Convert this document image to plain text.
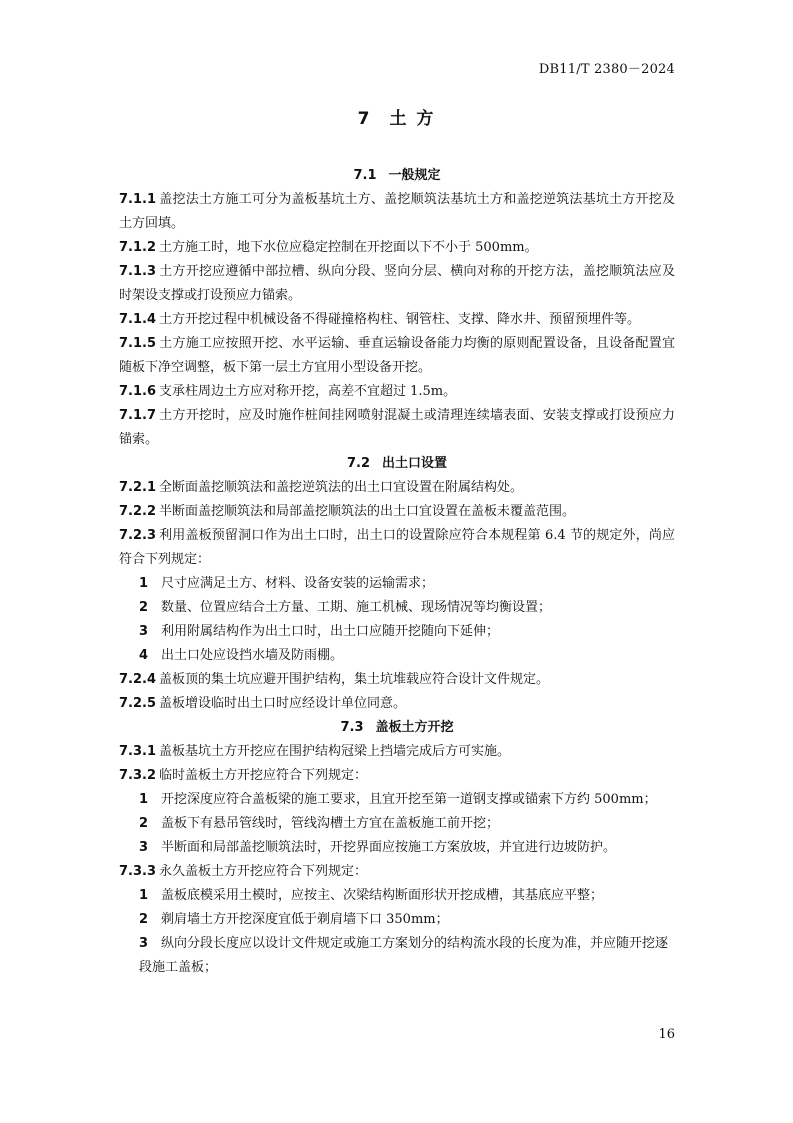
DB11/T 2380－2024
7 土 方
7.1 一般规定
7.1.1 盖挖法土方施工可分为盖板基坑土方、盖挖顺筑法基坑土方和盖挖逆筑法基坑土方开挖及土方回填。
7.1.2 土方施工时，地下水位应稳定控制在开挖面以下不小于 500mm。
7.1.3 土方开挖应遵循中部拉槽、纵向分段、竖向分层、横向对称的开挖方法，盖挖顺筑法应及时架设支撑或打设预应力锚索。
7.1.4 土方开挖过程中机械设备不得碰撞格构柱、钢管柱、支撑、降水井、预留预埋件等。
7.1.5 土方施工应按照开挖、水平运输、垂直运输设备能力均衡的原则配置设备，且设备配置宜随板下净空调整，板下第一层土方宜用小型设备开挖。
7.1.6 支承柱周边土方应对称开挖，高差不宜超过 1.5m。
7.1.7 土方开挖时，应及时施作桩间挂网喷射混凝土或清理连续墙表面、安装支撑或打设预应力锚索。
7.2 出土口设置
7.2.1 全断面盖挖顺筑法和盖挖逆筑法的出土口宜设置在附属结构处。
7.2.2 半断面盖挖顺筑法和局部盖挖顺筑法的出土口宜设置在盖板未覆盖范围。
7.2.3 利用盖板预留洞口作为出土口时，出土口的设置除应符合本规程第 6.4 节的规定外，尚应符合下列规定：
1 尺寸应满足土方、材料、设备安装的运输需求；
2 数量、位置应结合土方量、工期、施工机械、现场情况等均衡设置；
3 利用附属结构作为出土口时，出土口应随开挖随向下延伸；
4 出土口处应设挡水墙及防雨棚。
7.2.4 盖板顶的集土坑应避开围护结构，集土坑堆载应符合设计文件规定。
7.2.5 盖板增设临时出土口时应经设计单位同意。
7.3 盖板土方开挖
7.3.1 盖板基坑土方开挖应在围护结构冠梁上挡墙完成后方可实施。
7.3.2 临时盖板土方开挖应符合下列规定：
1 开挖深度应符合盖板梁的施工要求，且宜开挖至第一道钢支撑或锚索下方约 500mm；
2 盖板下有悬吊管线时，管线沟槽土方宜在盖板施工前开挖；
3 半断面和局部盖挖顺筑法时，开挖界面应按施工方案放坡，并宜进行边坡防护。
7.3.3 永久盖板土方开挖应符合下列规定：
1 盖板底模采用土模时，应按主、次梁结构断面形状开挖成槽，其基底应平整；
2 剃肩墙土方开挖深度宜低于剃肩墙下口 350mm；
3 纵向分段长度应以设计文件规定或施工方案划分的结构流水段的长度为准，并应随开挖逐段施工盖板；
16
